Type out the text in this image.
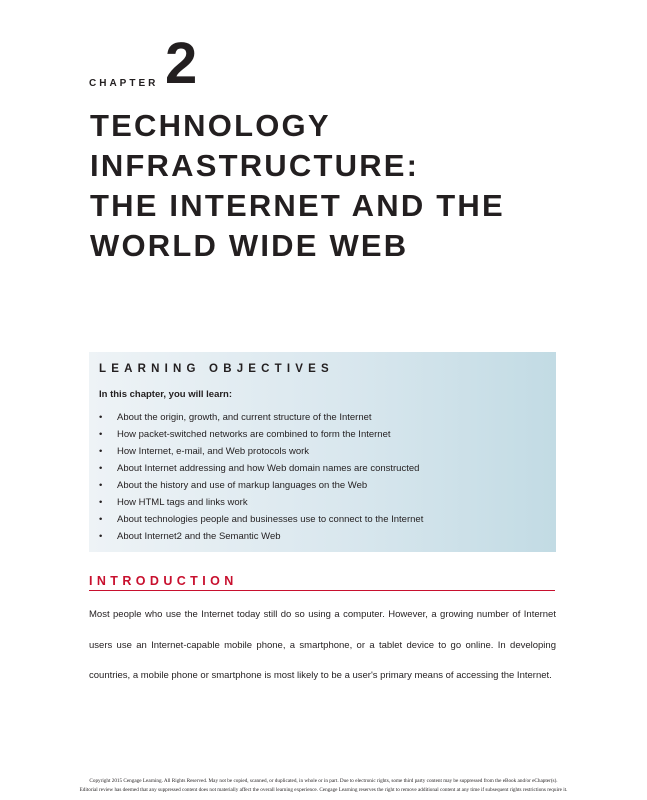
CHAPTER 2
TECHNOLOGY
INFRASTRUCTURE:
THE INTERNET AND THE
WORLD WIDE WEB
LEARNING OBJECTIVES
In this chapter, you will learn:
• About the origin, growth, and current structure of the Internet
• How packet-switched networks are combined to form the Internet
• How Internet, e-mail, and Web protocols work
• About Internet addressing and how Web domain names are constructed
• About the history and use of markup languages on the Web
• How HTML tags and links work
• About technologies people and businesses use to connect to the Internet
• About Internet2 and the Semantic Web
INTRODUCTION

Most people who use the Internet today still do so using a computer. However, a growing number of Internet users use an Internet-capable mobile phone, a smartphone, or a tablet device to go online. In developing countries, a mobile phone or smartphone is most likely to be a user's primary means of accessing the Internet.

Copyright 2015 Cengage Learning. All Rights Reserved. May not be copied, scanned, or duplicated, in whole or in part. Due to electronic rights, some third party content may be suppressed from the eBook and/or eChapter(s).
Editorial review has deemed that any suppressed content does not materially affect the overall learning experience. Cengage Learning reserves the right to remove additional content at any time if subsequent rights restrictions require it.
